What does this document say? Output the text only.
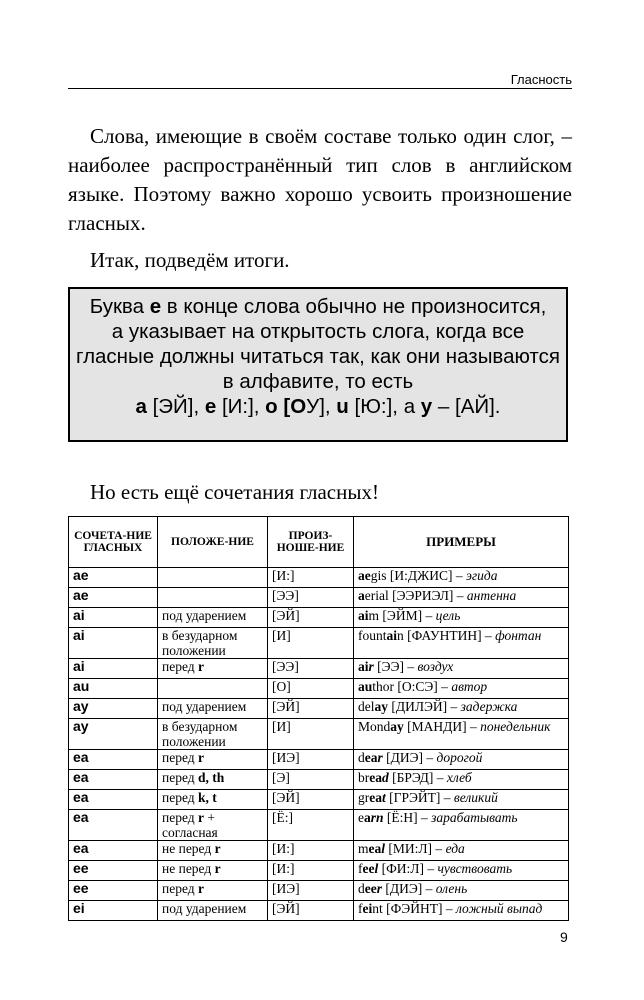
Гласность
Слова, имеющие в своём составе только один слог, – наиболее распространённый тип слов в английском языке. Поэтому важно хорошо усвоить произношение гласных.
Итак, подведём итоги.
Буква e в конце слова обычно не произносится,
а указывает на открытость слога, когда все гласные должны читаться так, как они называются в алфавите, то есть
a [ЭЙ], e [И:], o [ОУ], u [Ю:], а y – [АЙ].
Но есть ещё сочетания гласных!
СОЧЕТА-НИЕ ГЛАСНЫХ	ПОЛОЖЕ-НИЕ	ПРОИЗ-НОШЕ-НИЕ	ПРИМЕРЫ
ae		[И:]	aegis [И:ДЖИС] – эгида
ae		[ЭЭ]	aerial [ЭЭРИЭЛ] – антенна
ai	под ударением	[ЭЙ]	aim [ЭЙМ] – цель
ai	в безударном положении	[И]	fountain [ФАУНТИН] – фонтан
ai	перед r	[ЭЭ]	air [ЭЭ] – воздух
au		[О]	author [О:СЭ] – автор
ay	под ударением	[ЭЙ]	delay [ДИЛЭЙ] – задержка
ay	в безударном положении	[И]	Monday [МАНДИ] – понедельник
ea	перед r	[ИЭ]	dear [ДИЭ] – дорогой
ea	перед d, th	[Э]	bread [БРЭД] – хлеб
ea	перед k, t	[ЭЙ]	great [ГРЭЙТ] – великий
ea	перед r + согласная	[Ё:]	earn [Ё:Н] – зарабатывать
ea	не перед r	[И:]	meal [МИ:Л] – еда
ee	не перед r	[И:]	feel [ФИ:Л] – чувствовать
ee	перед r	[ИЭ]	deer [ДИЭ] – олень
ei	под ударением	[ЭЙ]	feint [ФЭЙНТ] – ложный выпад
9
